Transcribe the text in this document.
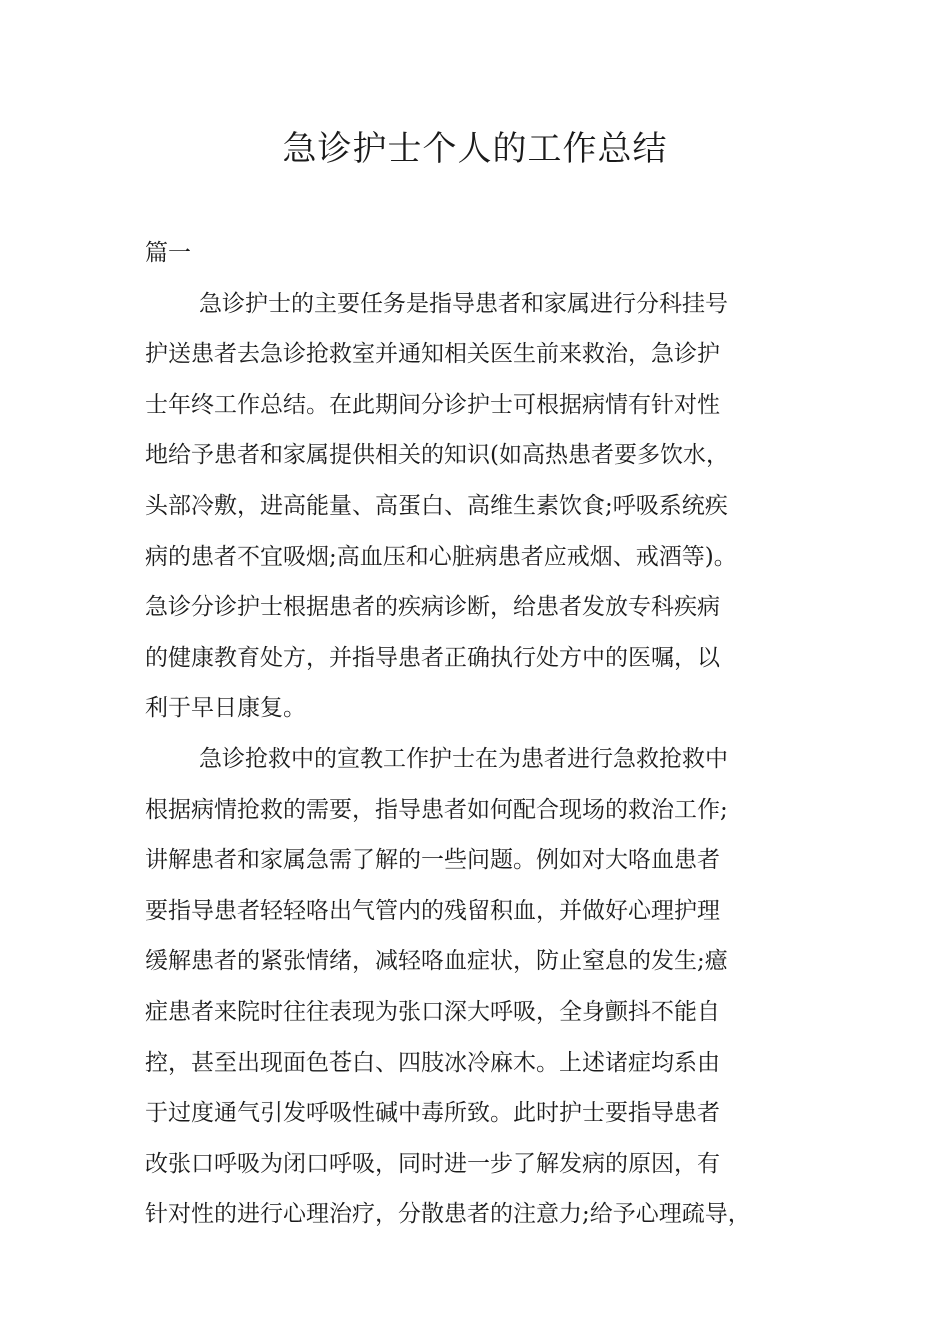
急诊护士个人的工作总结
篇一
急诊护士的主要任务是指导患者和家属进行分科挂号
护送患者去急诊抢救室并通知相关医生前来救治，急诊护
士年终工作总结。在此期间分诊护士可根据病情有针对性
地给予患者和家属提供相关的知识(如高热患者要多饮水，
头部冷敷，进高能量、高蛋白、高维生素饮食;呼吸系统疾
病的患者不宜吸烟;高血压和心脏病患者应戒烟、戒酒等)。
急诊分诊护士根据患者的疾病诊断，给患者发放专科疾病
的健康教育处方，并指导患者正确执行处方中的医嘱，以
利于早日康复。
急诊抢救中的宣教工作护士在为患者进行急救抢救中
根据病情抢救的需要，指导患者如何配合现场的救治工作;
讲解患者和家属急需了解的一些问题。例如对大咯血患者
要指导患者轻轻咯出气管内的残留积血，并做好心理护理
缓解患者的紧张情绪，减轻咯血症状，防止窒息的发生;癔
症患者来院时往往表现为张口深大呼吸，全身颤抖不能自
控，甚至出现面色苍白、四肢冰冷麻木。上述诸症均系由
于过度通气引发呼吸性碱中毒所致。此时护士要指导患者
改张口呼吸为闭口呼吸，同时进一步了解发病的原因，有
针对性的进行心理治疗，分散患者的注意力;给予心理疏导，
